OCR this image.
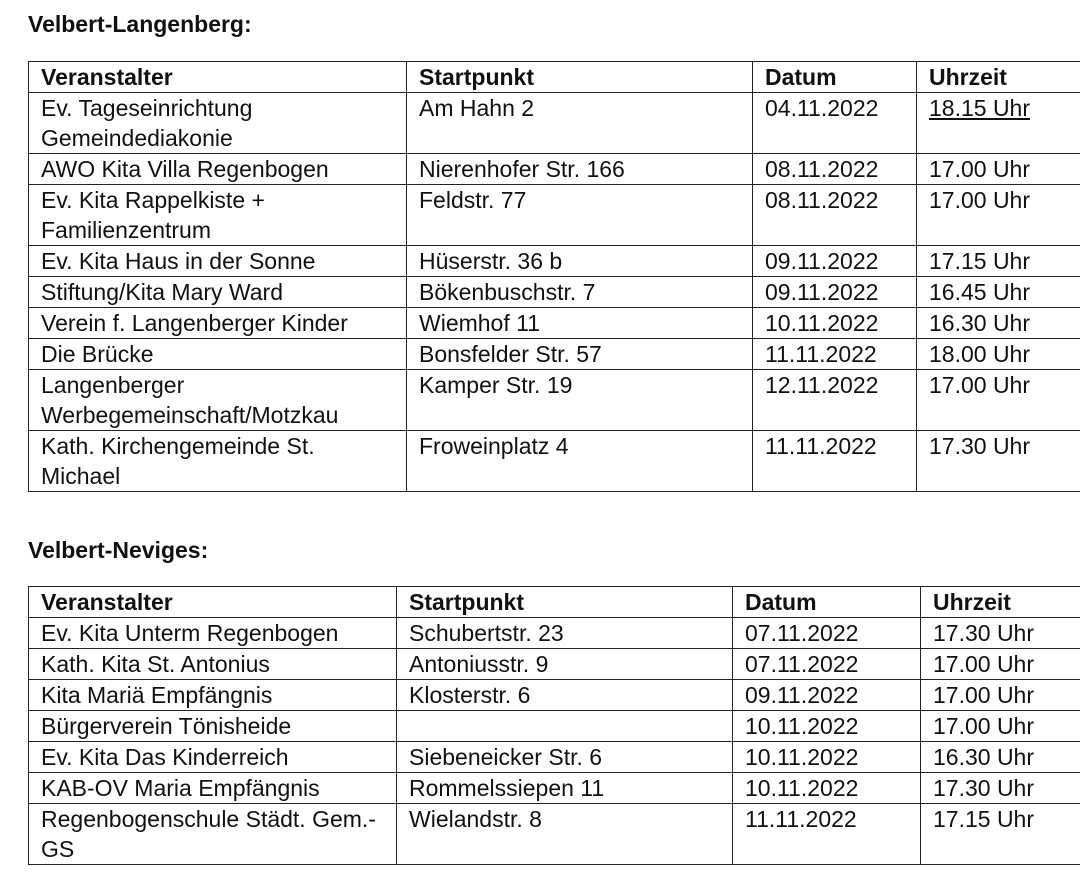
Velbert-Langenberg:
Veranstalter	Startpunkt	Datum	Uhrzeit
Ev. Tageseinrichtung Gemeindediakonie	Am Hahn 2	04.11.2022	18.15 Uhr
AWO Kita Villa Regenbogen	Nierenhofer Str. 166	08.11.2022	17.00 Uhr
Ev. Kita Rappelkiste + Familienzentrum	Feldstr. 77	08.11.2022	17.00 Uhr
Ev. Kita Haus in der Sonne	Hüserstr. 36 b	09.11.2022	17.15 Uhr
Stiftung/Kita Mary Ward	Bökenbuschstr. 7	09.11.2022	16.45 Uhr
Verein f. Langenberger Kinder	Wiemhof 11	10.11.2022	16.30 Uhr
Die Brücke	Bonsfelder Str. 57	11.11.2022	18.00 Uhr
Langenberger Werbegemeinschaft/Motzkau	Kamper Str. 19	12.11.2022	17.00 Uhr
Kath. Kirchengemeinde St. Michael	Froweinplatz 4	11.11.2022	17.30 Uhr
Velbert-Neviges:
Veranstalter	Startpunkt	Datum	Uhrzeit
Ev. Kita Unterm Regenbogen	Schubertstr. 23	07.11.2022	17.30 Uhr
Kath. Kita St. Antonius	Antoniusstr. 9	07.11.2022	17.00 Uhr
Kita Mariä Empfängnis	Klosterstr. 6	09.11.2022	17.00 Uhr
Bürgerverein Tönisheide		10.11.2022	17.00 Uhr
Ev. Kita Das Kinderreich	Siebeneicker Str. 6	10.11.2022	16.30 Uhr
KAB-OV Maria Empfängnis	Rommelssiepen 11	10.11.2022	17.30 Uhr
Regenbogenschule Städt. Gem.-GS	Wielandstr. 8	11.11.2022	17.15 Uhr
